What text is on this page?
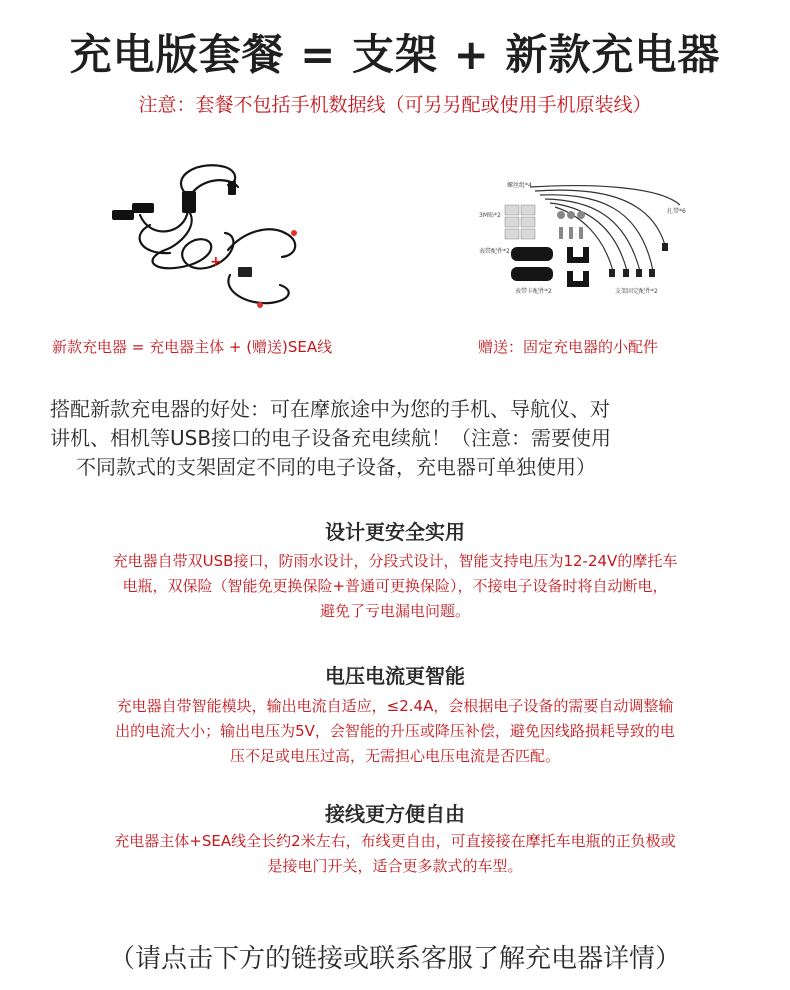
充电版套餐 = 支架 + 新款充电器
注意：套餐不包括手机数据线（可另另配或使用手机原装线）
+
螺丝组*4
3M贴*2
表带配件*2
表带卡配件*2	支架固定配件*2
扎带*6
新款充电器 = 充电器主体 + (赠送)SEA线	赠送：固定充电器的小配件
搭配新款充电器的好处：可在摩旅途中为您的手机、导航仪、对
讲机、相机等USB接口的电子设备充电续航！（注意：需要使用
不同款式的支架固定不同的电子设备，充电器可单独使用）
设计更安全实用
充电器自带双USB接口，防雨水设计，分段式设计，智能支持电压为12-24V的摩托车
电瓶，双保险（智能免更换保险+普通可更换保险），不接电子设备时将自动断电，
避免了亏电漏电问题。
电压电流更智能
充电器自带智能模块，输出电流自适应，≤2.4A，会根据电子设备的需要自动调整输
出的电流大小；输出电压为5V，会智能的升压或降压补偿，避免因线路损耗导致的电
压不足或电压过高，无需担心电压电流是否匹配。
接线更方便自由
充电器主体+SEA线全长约2米左右，布线更自由，可直接接在摩托车电瓶的正负极或
是接电门开关，适合更多款式的车型。
（请点击下方的链接或联系客服了解充电器详情）
